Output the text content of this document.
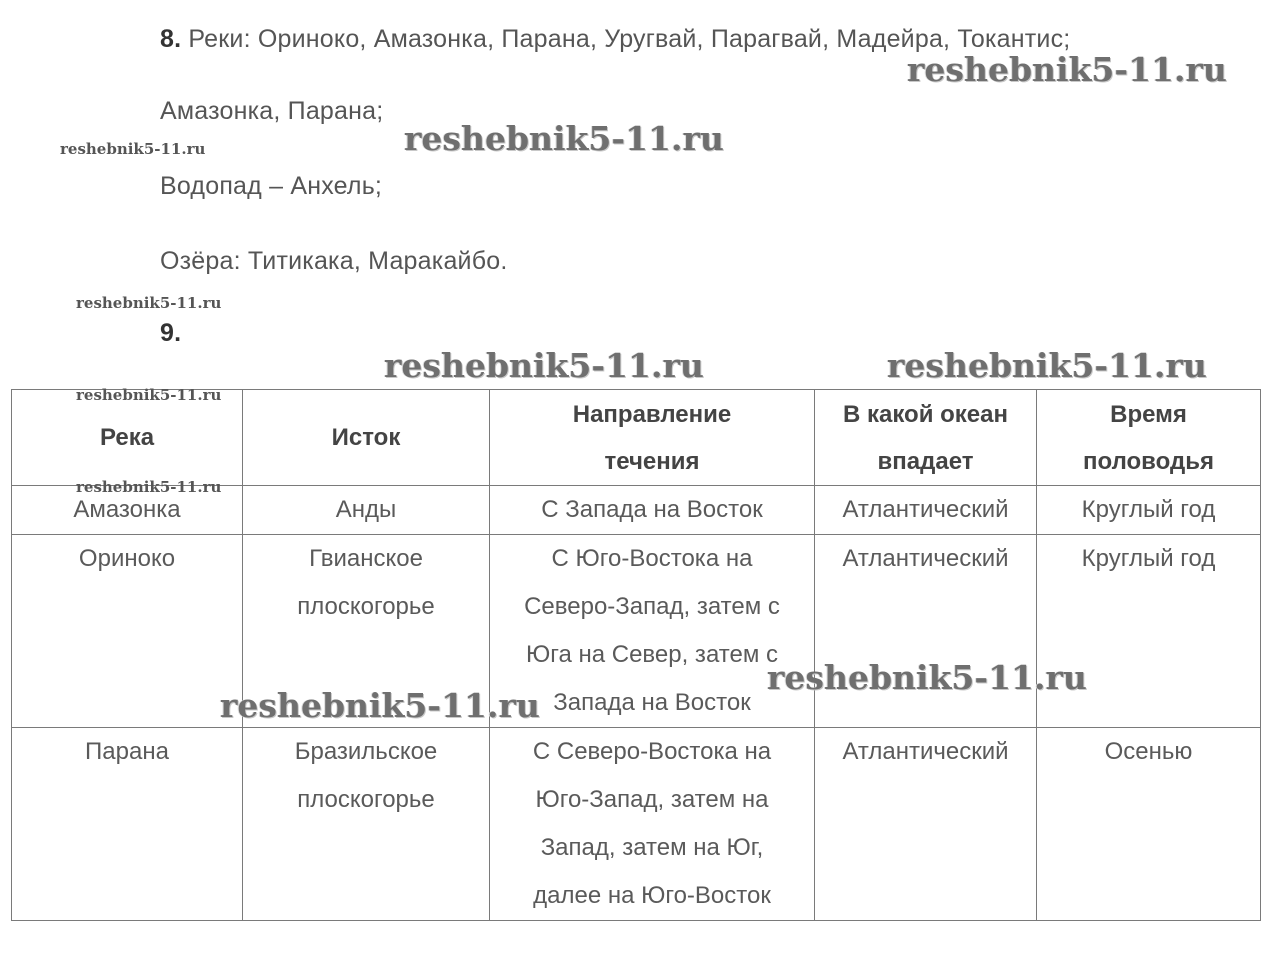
8. Реки: Ориноко, Амазонка, Парана, Уругвай, Парагвай, Мадейра, Токантис;
Амазонка, Парана;
Водопад – Анхель;
Озёра: Титикака, Маракайбо.
9.
Река	Исток	Направление
течения	В какой океан
впадает	Время
половодья

Амазонка	Анды	С Запада на Восток	Атлантический	Круглый год

Ориноко	Гвианское
плоскогорье	С Юго-Востока на
Северо-Запад, затем с
Юга на Север, затем с
Запада на Восток	Атлантический	Круглый год

Парана	Бразильское
плоскогорье	С Северо-Востока на
Юго-Запад, затем на
Запад, затем на Юг,
далее на Юго-Восток	Атлантический	Осенью
reshebnik5-11.ru
reshebnik5-11.ru
reshebnik5-11.ru
reshebnik5-11.ru
reshebnik5-11.ru	reshebnik5-11.ru
reshebnik5-11.ru
reshebnik5-11.ru
reshebnik5-11.ru
reshebnik5-11.ru
